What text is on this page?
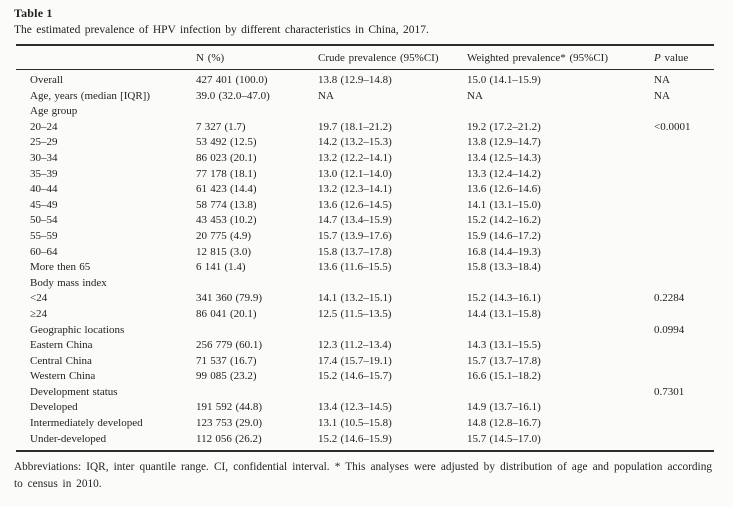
Table 1
The estimated prevalence of HPV infection by different characteristics in China, 2017.
	N (%)	Crude prevalence (95%CI)	Weighted prevalence* (95%CI)	P value
Overall	427 401 (100.0)	13.8 (12.9–14.8)	15.0 (14.1–15.9)	NA
Age, years (median [IQR])	39.0 (32.0–47.0)	NA	NA	NA
Age group				
20–24	7 327 (1.7)	19.7 (18.1–21.2)	19.2 (17.2–21.2)	<0.0001
25–29	53 492 (12.5)	14.2 (13.2–15.3)	13.8 (12.9–14.7)	
30–34	86 023 (20.1)	13.2 (12.2–14.1)	13.4 (12.5–14.3)	
35–39	77 178 (18.1)	13.0 (12.1–14.0)	13.3 (12.4–14.2)	
40–44	61 423 (14.4)	13.2 (12.3–14.1)	13.6 (12.6–14.6)	
45–49	58 774 (13.8)	13.6 (12.6–14.5)	14.1 (13.1–15.0)	
50–54	43 453 (10.2)	14.7 (13.4–15.9)	15.2 (14.2–16.2)	
55–59	20 775 (4.9)	15.7 (13.9–17.6)	15.9 (14.6–17.2)	
60–64	12 815 (3.0)	15.8 (13.7–17.8)	16.8 (14.4–19.3)	
More then 65	6 141 (1.4)	13.6 (11.6–15.5)	15.8 (13.3–18.4)	
Body mass index				
<24	341 360 (79.9)	14.1 (13.2–15.1)	15.2 (14.3–16.1)	0.2284
≥24	86 041 (20.1)	12.5 (11.5–13.5)	14.4 (13.1–15.8)	
Geographic locations				0.0994
Eastern China	256 779 (60.1)	12.3 (11.2–13.4)	14.3 (13.1–15.5)	
Central China	71 537 (16.7)	17.4 (15.7–19.1)	15.7 (13.7–17.8)	
Western China	99 085 (23.2)	15.2 (14.6–15.7)	16.6 (15.1–18.2)	
Development status				0.7301
Developed	191 592 (44.8)	13.4 (12.3–14.5)	14.9 (13.7–16.1)	
Intermediately developed	123 753 (29.0)	13.1 (10.5–15.8)	14.8 (12.8–16.7)	
Under-developed	112 056 (26.2)	15.2 (14.6–15.9)	15.7 (14.5–17.0)	
Abbreviations: IQR, inter quantile range. CI, confidential interval. * This analyses were adjusted by distribution of age and population according to census in 2010.
